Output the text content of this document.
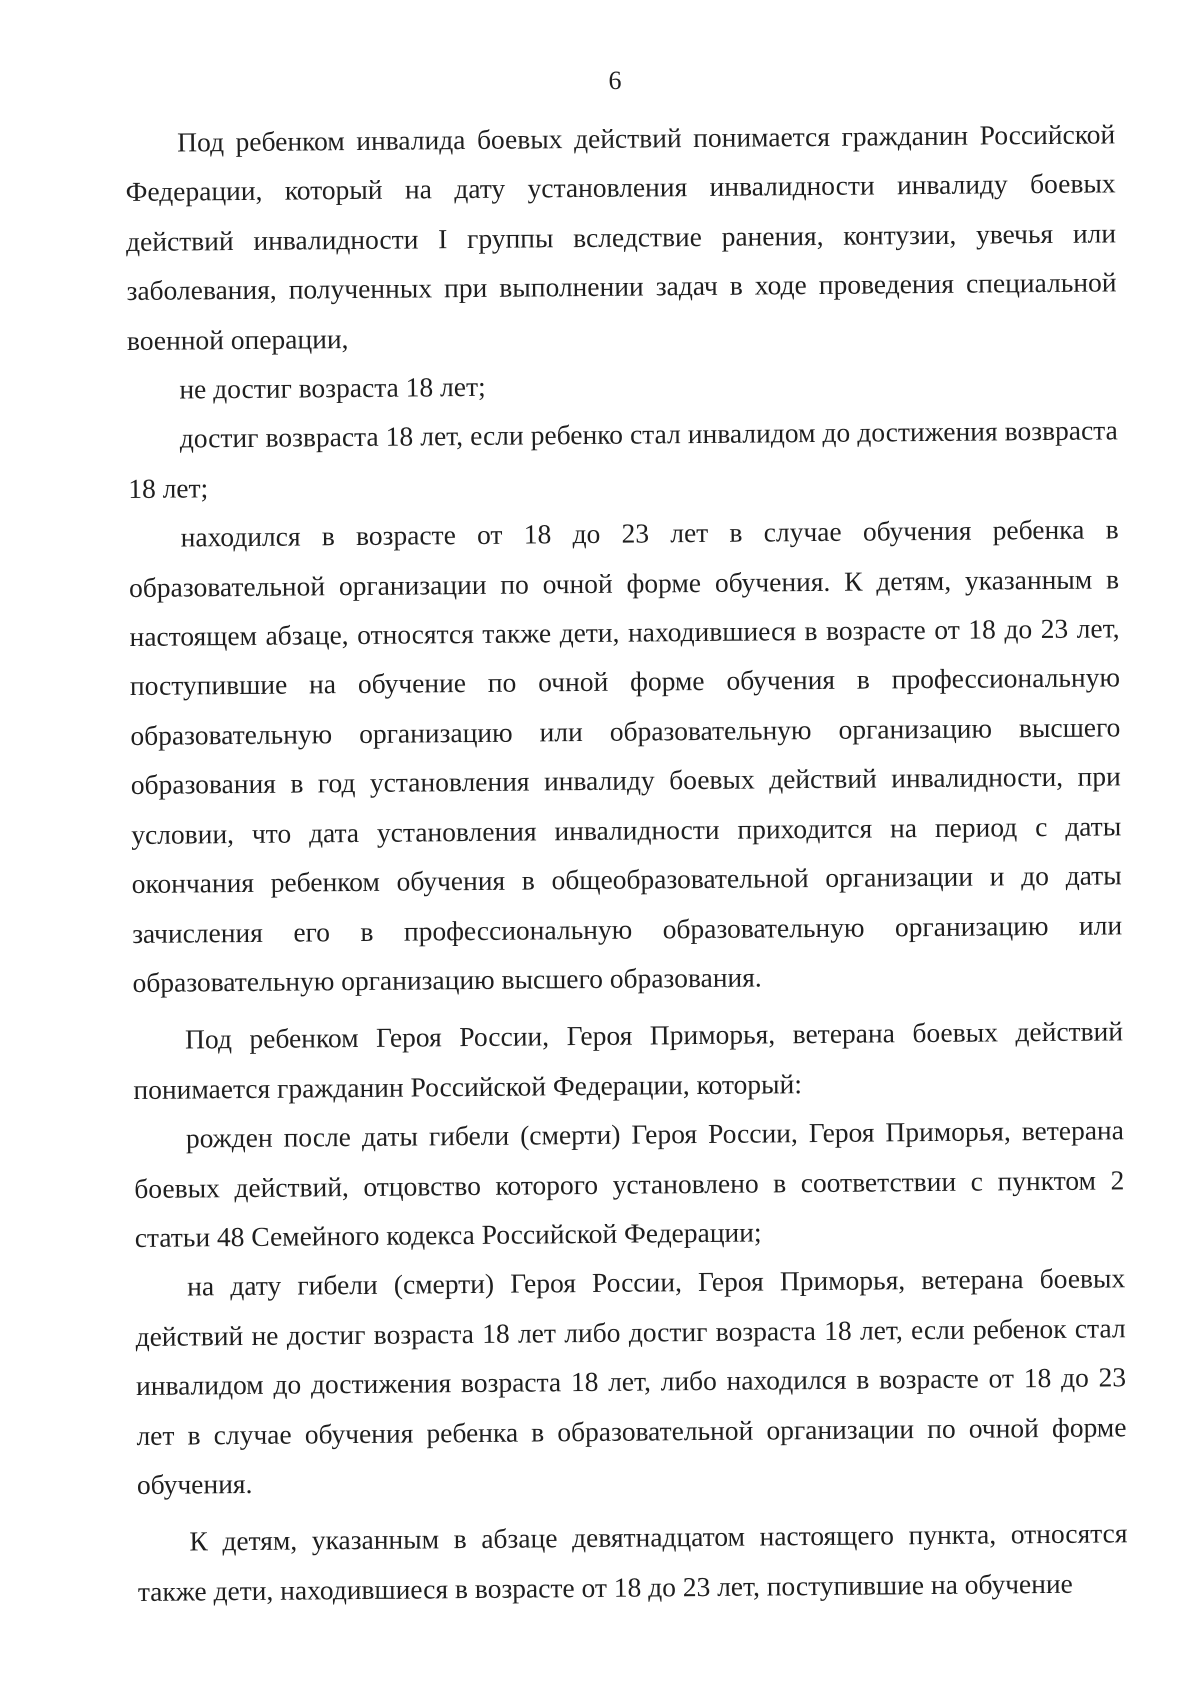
6

Под ребенком инвалида боевых действий понимается гражданин Российской Федерации, который на дату установления инвалидности инвалиду боевых действий инвалидности I группы вследствие ранения, контузии, увечья или заболевания, полученных при выполнении задач в ходе проведения специальной военной операции,

не достиг возраста 18 лет;

достиг возвраста 18 лет, если ребенко стал инвалидом до достижения возвраста 18 лет;

находился в возрасте от 18 до 23 лет в случае обучения ребенка в образовательной организации по очной форме обучения. К детям, указанным в настоящем абзаце, относятся также дети, находившиеся в возрасте от 18 до 23 лет, поступившие на обучение по очной форме обучения в профессиональную образовательную организацию или образовательную организацию высшего образования в год установления инвалиду боевых действий инвалидности, при условии, что дата установления инвалидности приходится на период с даты окончания ребенком обучения в общеобразовательной организации и до даты зачисления его в профессиональную образовательную организацию или образовательную организацию высшего образования.

Под ребенком Героя России, Героя Приморья, ветерана боевых действий понимается гражданин Российской Федерации, который:

рожден после даты гибели (смерти) Героя России, Героя Приморья, ветерана боевых действий, отцовство которого установлено в соответствии с пунктом 2 статьи 48 Семейного кодекса Российской Федерации;

на дату гибели (смерти) Героя России, Героя Приморья, ветерана боевых действий не достиг возраста 18 лет либо достиг возраста 18 лет, если ребенок стал инвалидом до достижения возраста 18 лет, либо находился в возрасте от 18 до 23 лет в случае обучения ребенка в образовательной организации по очной форме обучения.

К детям, указанным в абзаце девятнадцатом настоящего пункта, относятся также дети, находившиеся в возрасте от 18 до 23 лет, поступившие на обучение
